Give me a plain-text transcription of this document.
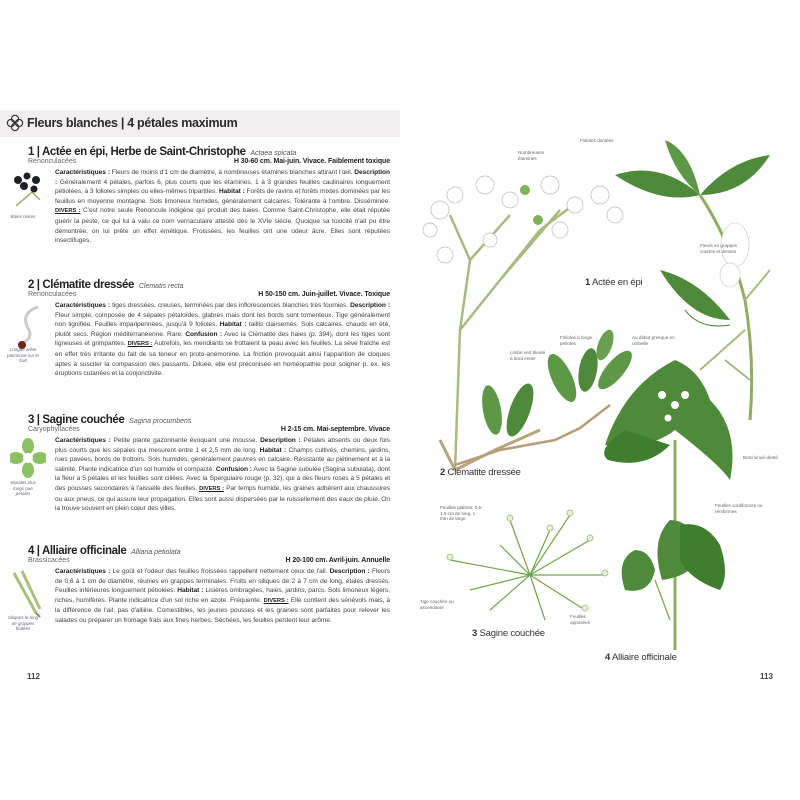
Fleurs blanches | 4 pétales maximum
1 | Actée en épi, Herbe de Saint-Christophe Actaea spicata
Renonculacées	H 30-60 cm. Mai-juin. Vivace. Faiblement toxique
Baies noires
Caractéristiques : Fleurs de moins d'1 cm de diamètre, à nombreuses étamines blanches attirant l'œil. Description : Généralement 4 pétales, parfois 6, plus courts que les étamines. 1 à 3 grandes feuilles caulinaires longuement pétiolées, à 3 folioles simples ou elles-mêmes tripartites. Habitat : Forêts de ravins et forêts mixtes dominées par les feuillus en moyenne montagne. Sols limoneux humides, généralement calcaires. Tolérante à l'ombre. Disséminée. DIVERS : C'est notre seule Renoncule indigène qui produit des baies. Comme Saint-Christophe, elle était réputée guérir la peste, ce qui lui a valu ce nom vernaculaire attesté dès le XVIe siècle. Quoique sa toxicité n'ait pu être démontrée, on lui prête un effet émétique. Froissées, les feuilles ont une odeur âcre. Elles sont réputées insectifuges.
2 | Clématite dressée Clematis recta
Renonculacées	H 50-150 cm. Juin-juillet. Vivace. Toxique
Longue arête plumeuse sur le fruit
Caractéristiques : tiges dressées, creuses, terminées par des inflorescences blanches très fournies. Description : Fleur simple, composée de 4 sépales pétaloïdes, glabres mais dont les bords sont tomenteux. Tige généralement non lignifiée. Feuilles imparipennées, jusqu'à 9 folioles. Habitat : taillis clairsemés. Sols calcaires, chauds en été, plutôt secs. Région méditerranéenne. Rare. Confusion : Avec la Clématite des haies (p. 394), dont les tiges sont ligneuses et grimpantes. DIVERS : Autrefois, les mendiants se frottaient la peau avec les feuilles. La sève fraîche est en effet très irritante du fait de sa teneur en proto-anémonine. La friction provoquait ainsi l'apparition de cloques aptes à susciter la compassion des passants. Diluée, elle est préconisée en homéopathie pour soigner p. ex. les éruptions cutanées et la conjonctivite.
3 | Sagine couchée Sagina procumbens
Caryophyllacées	H 2-15 cm. Mai-septembre. Vivace
Sépales plus longs que pétales
Caractéristiques : Petite plante gazonnante évoquant une mousse. Description : Pétales absents ou deux fois plus courts que les sépales qui mesurent entre 1 et 2,5 mm de long. Habitat : Champs cultivés, chemins, jardins, rues pavées, bords de trottoirs. Sols humides, généralement pauvres en calcaire. Résistante au piétinement et à la salinité. Plante indicatrice d'un sol humide et compacté. Confusion : Avec la Sagine subulée (Sagina subulata), dont la fleur a 5 pétales et les feuilles sont ciliées. Avec la Spergulaire rouge (p. 32), qui a des fleurs roses à 5 pétales et des pousses secondaires à l'aisselle des feuilles. DIVERS : Par temps humide, les graines adhèrent aux chaussures ou aux pneus, ce qui assure leur propagation. Elles sont aussi dispersées par le ruissellement des eaux de pluie. On la trouve souvent en plein cœur des villes.
4 | Alliaire officinale Alliaria petiolata
Brassicacées	H 20-100 cm. Avril-juin. Annuelle
Siliques le long de grappes fruitées
Caractéristiques : Le goût et l'odeur des feuilles froissées rappellent nettement ceux de l'ail. Description : Fleurs de 0,6 à 1 cm de diamètre, réunies en grappes terminales. Fruits en siliques de 2 à 7 cm de long, étalés dressés. Feuilles inférieures longuement pétiolées. Habitat : Lisières ombragées, haies, jardins, parcs. Sols limoneux légers, riches, humifères. Plante indicatrice d'un sol riche en azote. Fréquente. DIVERS : Elle contient des sénévols mais, à la différence de l'ail, pas d'alliine. Comestibles, les jeunes pousses et les graines sont parfaites pour relever les salades ou préparer un fromage frais aux fines herbes. Séchées, les feuilles perdent leur arôme.
112
Nombreuses étamines
Folioles dentées
Fleurs en grappes courtes et denses
1 Actée en épi
Folioles à longs pétioles
Limbe vert bleuté à bord entier
Au début presque en ombelle
Bord sinué-denté
2 Clématite dressée
Feuilles glabres, 0,5-1,5 cm de long, 1 mm de large
Tige couchée ou ascendante
Feuilles opposées
Feuilles cordiformes ou réniformes
3 Sagine couchée
4 Alliaire officinale
113
